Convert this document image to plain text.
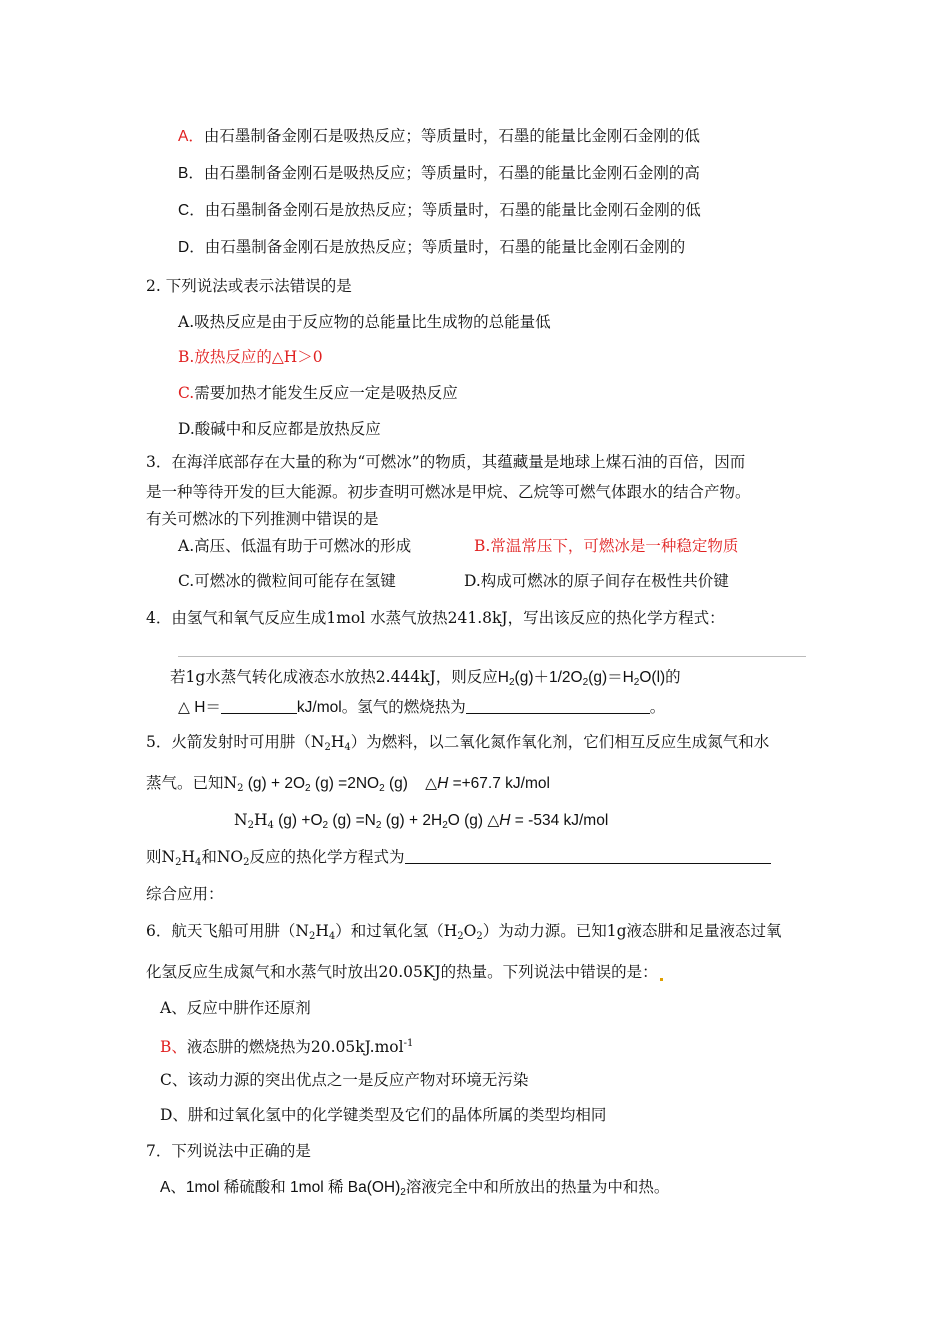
A．由石墨制备金刚石是吸热反应；等质量时，石墨的能量比金刚石金刚的低
B．由石墨制备金刚石是吸热反应；等质量时，石墨的能量比金刚石金刚的高
C．由石墨制备金刚石是放热反应；等质量时，石墨的能量比金刚石金刚的低
D．由石墨制备金刚石是放热反应；等质量时，石墨的能量比金刚石金刚的
2. 下列说法或表示法错误的是
A.吸热反应是由于反应物的总能量比生成物的总能量低
B.放热反应的△H＞0
C.需要加热才能发生反应一定是吸热反应
D.酸碱中和反应都是放热反应
3．在海洋底部存在大量的称为“可燃冰”的物质，其蕴藏量是地球上煤石油的百倍，因而
是一种等待开发的巨大能源。初步查明可燃冰是甲烷、乙烷等可燃气体跟水的结合产物。
有关可燃冰的下列推测中错误的是
A.高压、低温有助于可燃冰的形成	B.常温常压下，可燃冰是一种稳定物质
C.可燃冰的微粒间可能存在氢键	D.构成可燃冰的原子间存在极性共价键
4．由氢气和氧气反应生成1mol 水蒸气放热241.8kJ，写出该反应的热化学方程式：
若1g水蒸气转化成液态水放热2.444kJ，则反应$H_2(g)+1/2O_2(g)=H_2O(l)$的
△ H＝	kJ/mol。氢气的燃烧热为	。
5．火箭发射时可用肼$(N_2H_4)$为燃料，以二氧化氮作氧化剂，它们相互反应生成氮气和水
蒸气。已知$N_2$ $(g) + 2O_2$ $(g) =2NO_2$ (g)    △H =+67.7 kJ/mol
$N_2H_4$ $(g) +O_2$ $(g) =N_2$ $(g) + 2H_2O$ (g) △H = -534 kJ/mol
则$N_2H_4$和$NO_2$反应的热化学方程式为
综合应用：
6．航天飞船可用肼$(N_2H_4)$和过氧化氢$(H_2O_2)$为动力源。已知1g液态肼和足量液态过氧
化氢反应生成氮气和水蒸气时放出20.05KJ的热量。下列说法中错误的是：
A、反应中肼作还原剂
B、液态肼的燃烧热为20.05kJ.mol$^{-1}$
C、该动力源的突出优点之一是反应产物对环境无污染
D、肼和过氧化氢中的化学键类型及它们的晶体所属的类型均相同
7．下列说法中正确的是
A、1mol 稀硫酸和 1mol 稀 $Ba(OH)_2$溶液完全中和所放出的热量为中和热。
